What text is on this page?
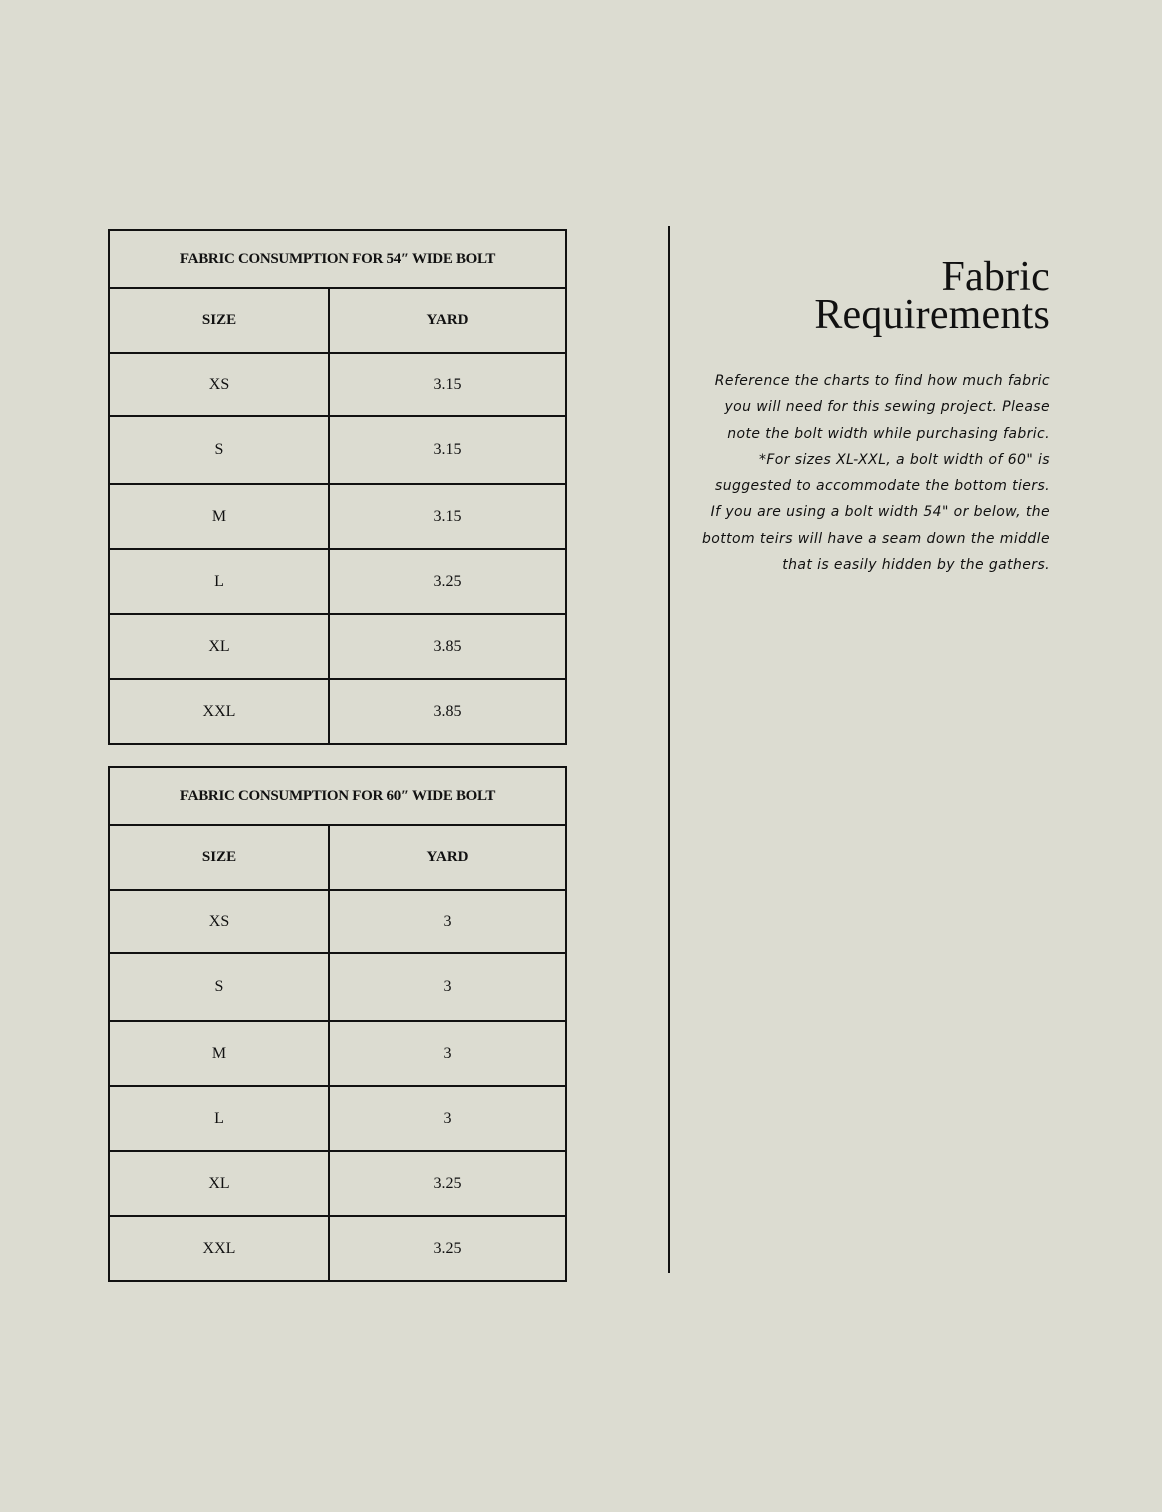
FABRIC CONSUMPTION FOR 54″ WIDE BOLT	
SIZE	YARD
XS	3.15
S	3.15
M	3.15
L	3.25
XL	3.85
XXL	3.85
FABRIC CONSUMPTION FOR 60″ WIDE BOLT	
SIZE	YARD
XS	3
S	3
M	3
L	3
XL	3.25
XXL	3.25
Fabric
Requirements

Reference the charts to find how much fabric
you will need for this sewing project. Please
note the bolt width while purchasing fabric.
*For sizes XL-XXL, a bolt width of 60" is
suggested to accommodate the bottom tiers.
If you are using a bolt width 54" or below, the
bottom teirs will have a seam down the middle
that is easily hidden by the gathers.
